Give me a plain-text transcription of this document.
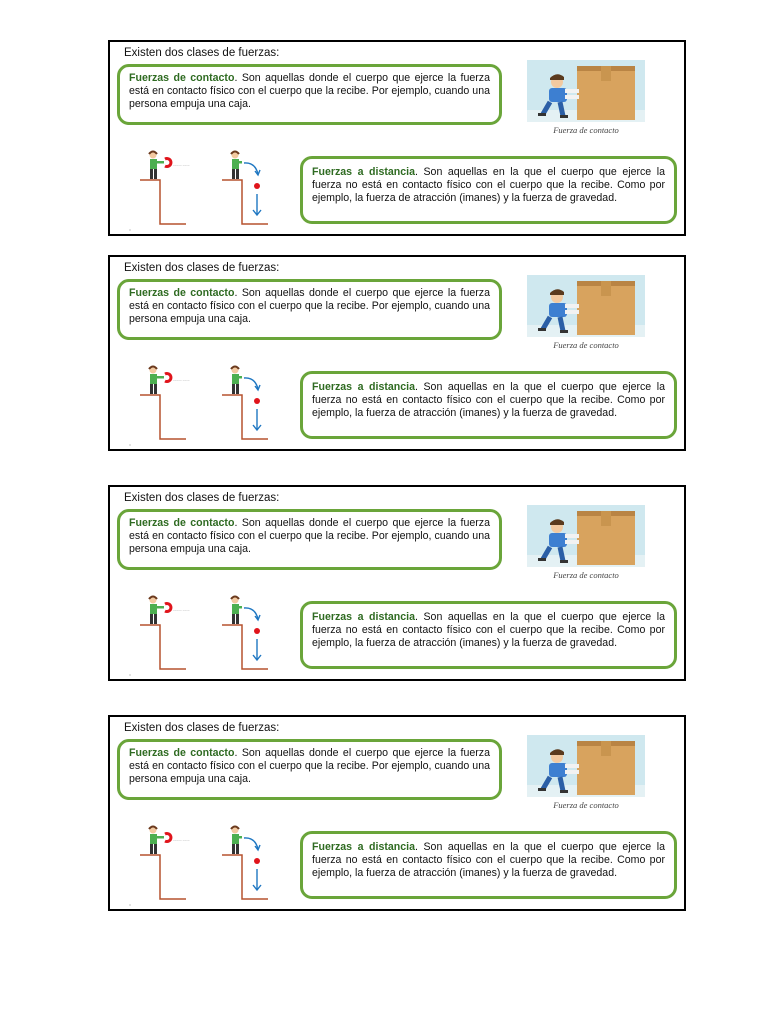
Existen dos clases de fuerzas:
Fuerzas de contacto. Son aquellas donde el cuerpo que ejerce la fuerza está en contacto físico con el cuerpo que la recibe. Por ejemplo, cuando una persona empuja una caja.
Fuerza de contacto
~~~~~ ~~~~
Fuerzas a distancia. Son aquellas en la que el cuerpo que ejerce la fuerza no está en contacto físico con el cuerpo que la recibe. Como por ejemplo, la fuerza de atracción (imanes) y la fuerza de gravedad.
Existen dos clases de fuerzas:
Fuerzas de contacto. Son aquellas donde el cuerpo que ejerce la fuerza está en contacto físico con el cuerpo que la recibe. Por ejemplo, cuando una persona empuja una caja.
Fuerza de contacto
~~~~~ ~~~~
Fuerzas a distancia. Son aquellas en la que el cuerpo que ejerce la fuerza no está en contacto físico con el cuerpo que la recibe. Como por ejemplo, la fuerza de atracción (imanes) y la fuerza de gravedad.
Existen dos clases de fuerzas:
Fuerzas de contacto. Son aquellas donde el cuerpo que ejerce la fuerza está en contacto físico con el cuerpo que la recibe. Por ejemplo, cuando una persona empuja una caja.
Fuerza de contacto
~~~~~ ~~~~
Fuerzas a distancia. Son aquellas en la que el cuerpo que ejerce la fuerza no está en contacto físico con el cuerpo que la recibe. Como por ejemplo, la fuerza de atracción (imanes) y la fuerza de gravedad.
Existen dos clases de fuerzas:
Fuerzas de contacto. Son aquellas donde el cuerpo que ejerce la fuerza está en contacto físico con el cuerpo que la recibe. Por ejemplo, cuando una persona empuja una caja.
Fuerza de contacto
~~~~~ ~~~~
Fuerzas a distancia. Son aquellas en la que el cuerpo que ejerce la fuerza no está en contacto físico con el cuerpo que la recibe. Como por ejemplo, la fuerza de atracción (imanes) y la fuerza de gravedad.
